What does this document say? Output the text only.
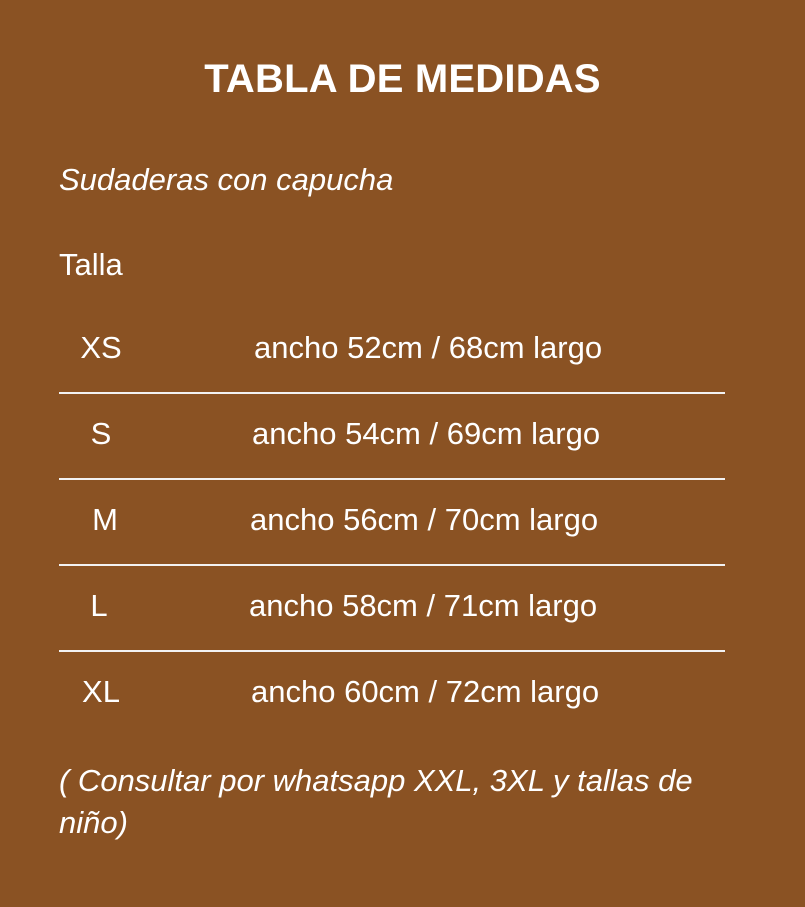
TABLA DE MEDIDAS
Sudaderas con capucha
Talla
XS	ancho 52cm / 68cm largo
S	ancho 54cm / 69cm largo
M	ancho 56cm / 70cm largo
L	ancho 58cm / 71cm largo
XL	ancho 60cm / 72cm largo
( Consultar por whatsapp XXL, 3XL y tallas de niño)
